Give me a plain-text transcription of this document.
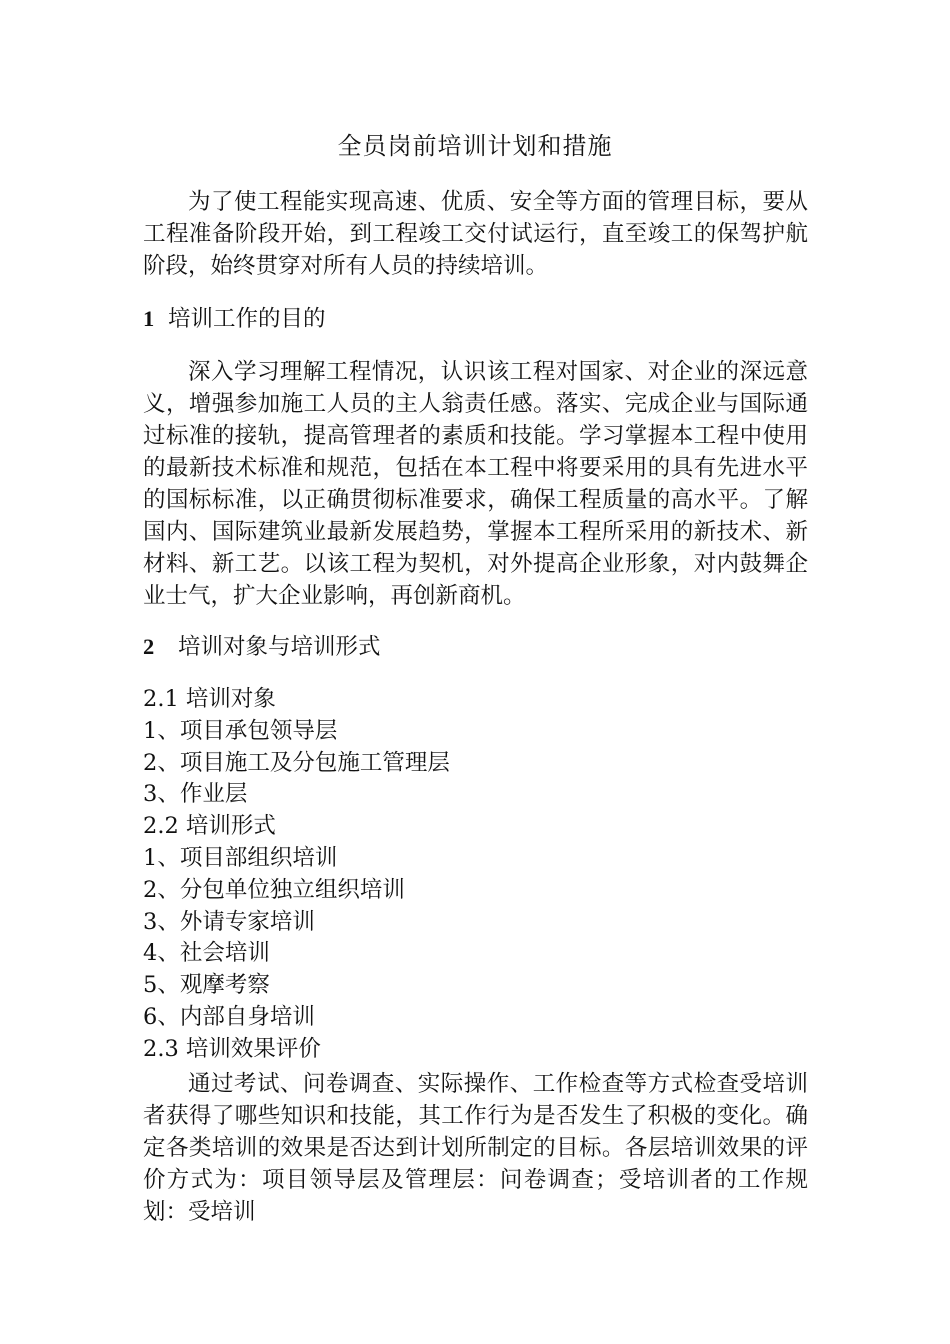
全员岗前培训计划和措施

为了使工程能实现高速、优质、安全等方面的管理目标，要从工程准备阶段开始，到工程竣工交付试运行，直至竣工的保驾护航阶段，始终贯穿对所有人员的持续培训。

1 培训工作的目的

深入学习理解工程情况，认识该工程对国家、对企业的深远意义，增强参加施工人员的主人翁责任感。落实、完成企业与国际通过标准的接轨，提高管理者的素质和技能。学习掌握本工程中使用的最新技术标准和规范，包括在本工程中将要采用的具有先进水平的国标标准，以正确贯彻标准要求，确保工程质量的高水平。了解国内、国际建筑业最新发展趋势，掌握本工程所采用的新技术、新材料、新工艺。以该工程为契机，对外提高企业形象，对内鼓舞企业士气，扩大企业影响，再创新商机。

2 培训对象与培训形式
2.1 培训对象
1、项目承包领导层
2、项目施工及分包施工管理层
3、作业层
2.2 培训形式
1、项目部组织培训
2、分包单位独立组织培训
3、外请专家培训
4、社会培训
5、观摩考察
6、内部自身培训
2.3 培训效果评价

通过考试、问卷调查、实际操作、工作检查等方式检查受培训者获得了哪些知识和技能，其工作行为是否发生了积极的变化。确定各类培训的效果是否达到计划所制定的目标。各层培训效果的评价方式为：项目领导层及管理层：问卷调查；受培训者的工作规划：受培训
